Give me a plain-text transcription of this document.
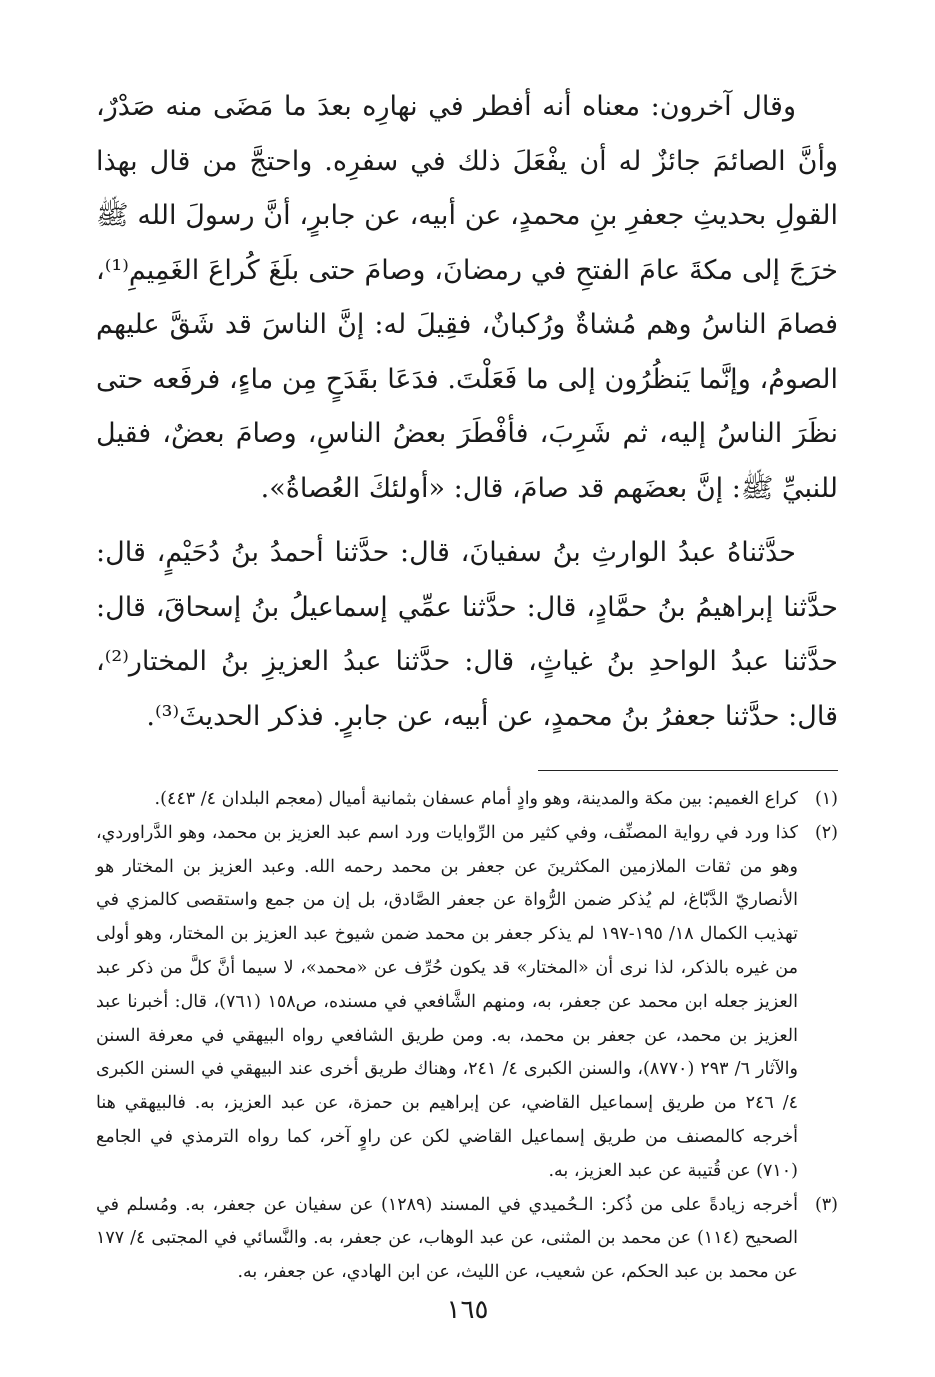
وقال آخرون: معناه أنه أفطر في نهارِه بعدَ ما مَضَى منه صَدْرٌ، وأنَّ الصائمَ جائزٌ له أن يفْعَلَ ذلك في سفرِه. واحتجَّ من قال بهذا القولِ بحديثِ جعفرِ بنِ محمدٍ، عن أبيه، عن جابرٍ، أنَّ رسولَ الله ﷺ خرَجَ إلى مكةَ عامَ الفتحِ في رمضانَ، وصامَ حتى بلَغَ كُراعَ الغَمِيمِ⁽¹⁾، فصامَ الناسُ وهم مُشاةٌ ورُكبانٌ، فقِيلَ له: إنَّ الناسَ قد شَقَّ عليهم الصومُ، وإنَّما يَنظُرُون إلى ما فَعَلْتَ. فدَعَا بقَدَحٍ مِن ماءٍ، فرفَعه حتى نظَرَ الناسُ إليه، ثم شَرِبَ، فأفْطَرَ بعضُ الناسِ، وصامَ بعضٌ، فقيل للنبيِّ ﷺ: إنَّ بعضَهم قد صامَ، قال: «أولئكَ العُصاةُ».

حدَّثناهُ عبدُ الوارثِ بنُ سفيانَ، قال: حدَّثنا أحمدُ بنُ دُحَيْمٍ، قال: حدَّثنا إبراهيمُ بنُ حمَّادٍ، قال: حدَّثنا عمِّي إسماعيلُ بنُ إسحاقَ، قال: حدَّثنا عبدُ الواحدِ بنُ غياثٍ، قال: حدَّثنا عبدُ العزيزِ بنُ المختار⁽²⁾، قال: حدَّثنا جعفرُ بنُ محمدٍ، عن أبيه، عن جابرٍ. فذكر الحديثَ⁽³⁾.

(١)
كراع الغميم: بين مكة والمدينة، وهو وادٍ أمام عسفان بثمانية أميال (معجم البلدان ٤/ ٤٤٣).

(٢)
كذا ورد في رواية المصنِّف، وفي كثير من الرِّوايات ورد اسم عبد العزيز بن محمد، وهو الدَّراوردي، وهو من ثقات الملازمين المكثرينَ عن جعفر بن محمد رحمه الله. وعبد العزيز بن المختار هو الأنصاريّ الدَّبّاغ، لم يُذكر ضمن الرُّواة عن جعفر الصَّادق، بل إن من جمع واستقصى كالمزي في تهذيب الكمال ١٨/ ١٩٥-١٩٧ لم يذكر جعفر بن محمد ضمن شيوخ عبد العزيز بن المختار، وهو أولى من غيره بالذكر، لذا نرى أن «المختار» قد يكون حُرِّف عن «محمد»، لا سيما أنَّ كلَّ من ذكر عبد العزيز جعله ابن محمد عن جعفر، به، ومنهم الشَّافعي في مسنده، ص١٥٨ (٧٦١)، قال: أخبرنا عبد العزيز بن محمد، عن جعفر بن محمد، به. ومن طريق الشافعي رواه البيهقي في معرفة السنن والآثار ٦/ ٢٩٣ (٨٧٧٠)، والسنن الكبرى ٤/ ٢٤١، وهناك طريق أخرى عند البيهقي في السنن الكبرى ٤/ ٢٤٦ من طريق إسماعيل القاضي، عن إبراهيم بن حمزة، عن عبد العزيز، به. فالبيهقي هنا أخرجه كالمصنف من طريق إسماعيل القاضي لكن عن راوٍ آخر، كما رواه الترمذي في الجامع (٧١٠) عن قُتيبة عن عبد العزيز، به.

(٣)
أخرجه زيادةً على من ذُكر: الـحُميدي في المسند (١٢٨٩) عن سفيان عن جعفر، به. ومُسلم في الصحيح (١١٤) عن محمد بن المثنى، عن عبد الوهاب، عن جعفر، به. والنَّسائي في المجتبى ٤/ ١٧٧ عن محمد بن عبد الحكم، عن شعيب، عن الليث، عن ابن الهادي، عن جعفر، به.

١٦٥
